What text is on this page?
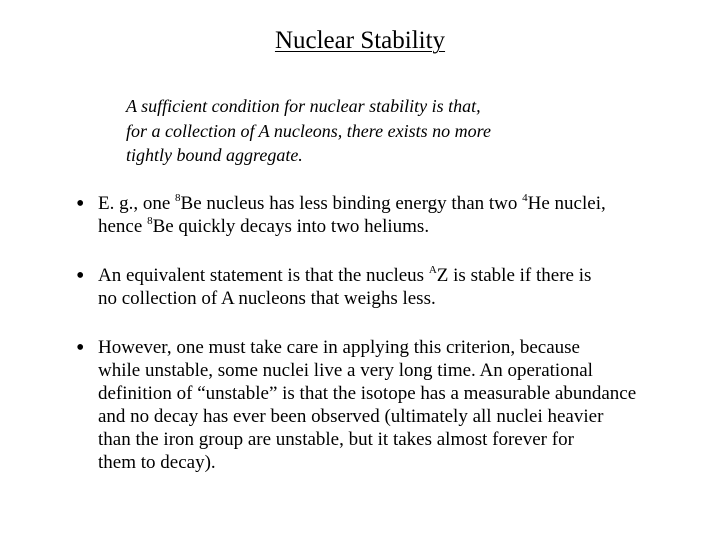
Nuclear Stability
A sufficient condition for nuclear stability is that,
for a collection of A nucleons, there exists no more
tightly bound aggregate.
• E. g., one $^8$Be nucleus has less binding energy than two $^4$He nuclei,
hence $^8$Be quickly decays into two heliums.
• An equivalent statement is that the nucleus $^A$Z is stable if there is
no collection of A nucleons that weighs less.
• However, one must take care in applying this criterion, because
while unstable, some nuclei live a very long time. An operational
definition of “unstable” is that the isotope has a measurable abundance
and no decay has ever been observed (ultimately all nuclei heavier
than the iron group are unstable, but it takes almost forever for
them to decay).
